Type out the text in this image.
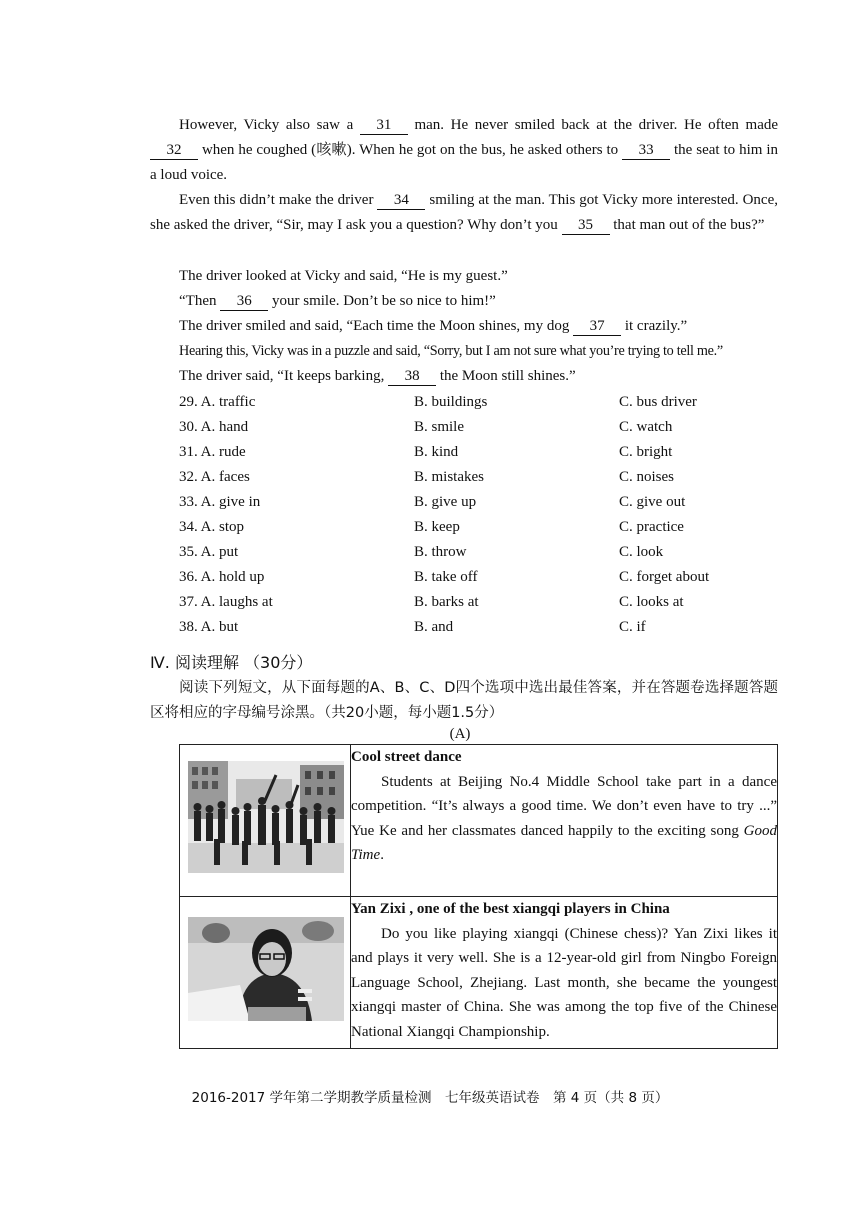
However, Vicky also saw a 31 man. He never smiled back at the driver. He often made 32 when he coughed (咳嗽). When he got on the bus, he asked others to 33 the seat to him in a loud voice.
Even this didn’t make the driver 34 smiling at the man. This got Vicky more interested. Once, she asked the driver, “Sir, may I ask you a question? Why don’t you 35 that man out of the bus?”
The driver looked at Vicky and said, “He is my guest.”
“Then 36 your smile. Don’t be so nice to him!”
The driver smiled and said, “Each time the Moon shines, my dog 37 it crazily.”
Hearing this, Vicky was in a puzzle and said, “Sorry, but I am not sure what you’re trying to tell me.”
The driver said, “It keeps barking, 38 the Moon still shines.”
29. A. traffic	B. buildings	C. bus driver
30. A. hand	B. smile	C. watch
31. A. rude	B. kind	C. bright
32. A. faces	B. mistakes	C. noises
33. A. give in	B. give up	C. give out
34. A. stop	B. keep	C. practice
35. A. put	B. throw	C. look
36. A. hold up	B. take off	C. forget about
37. A. laughs at	B. barks at	C. looks at
38. A. but	B. and	C. if
Ⅳ. 阅读理解 （30分）
阅读下列短文，从下面每题的A、B、C、D四个选项中选出最佳答案，并在答题卷选择题答题区将相应的字母编号涂黑。（共20小题，每小题1.5分）
(A)

Cool street dance
Students at Beijing No.4 Middle School take part in a dance competition. “It’s always a good time. We don’t even have to try ...” Yue Ke and her classmates danced happily to the exciting song Good Time.

Yan Zixi , one of the best xiangqi players in China
Do you like playing xiangqi (Chinese chess)? Yan Zixi likes it and plays it very well. She is a 12-year-old girl from Ningbo Foreign Language School, Zhejiang. Last month, she became the youngest xiangqi master of China. She was among the top five of the Chinese National Xiangqi Championship.
2016-2017 学年第二学期教学质量检测　七年级英语试卷　第 4 页（共 8 页）
